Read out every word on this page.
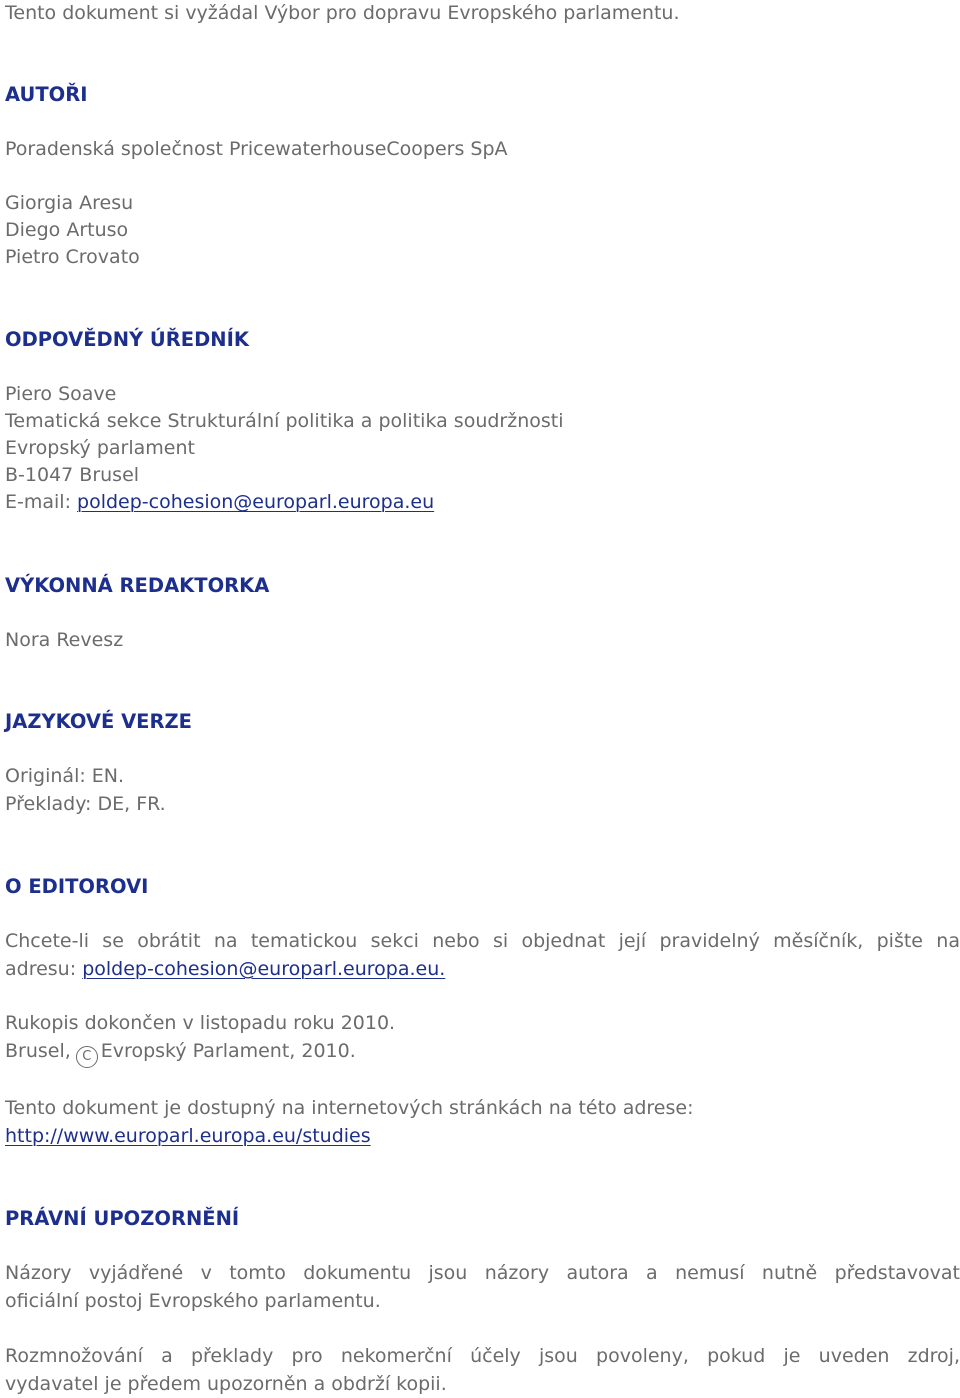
Tento dokument si vyžádal Výbor pro dopravu Evropského parlamentu.
AUTOŘI
Poradenská společnost PricewaterhouseCoopers SpA
Giorgia Aresu
Diego Artuso
Pietro Crovato
ODPOVĚDNÝ ÚŘEDNÍK
Piero Soave
Tematická sekce Strukturální politika a politika soudržnosti
Evropský parlament
B-1047 Brusel
E-mail: poldep-cohesion@europarl.europa.eu
VÝKONNÁ REDAKTORKA
Nora Revesz
JAZYKOVÉ VERZE
Originál: EN.
Překlady: DE, FR.
O EDITOROVI
Chcete-li se obrátit na tematickou sekci nebo si objednat její pravidelný měsíčník, pište na
adresu: poldep-cohesion@europarl.europa.eu.
Rukopis dokončen v listopadu roku 2010.
Brusel, C Evropský Parlament, 2010.
Tento dokument je dostupný na internetových stránkách na této adrese:
http://www.europarl.europa.eu/studies
PRÁVNÍ UPOZORNĚNÍ
Názory vyjádřené v tomto dokumentu jsou názory autora a nemusí nutně představovat
oficiální postoj Evropského parlamentu.
Rozmnožování a překlady pro nekomerční účely jsou povoleny, pokud je uveden zdroj,
vydavatel je předem upozorněn a obdrží kopii.
